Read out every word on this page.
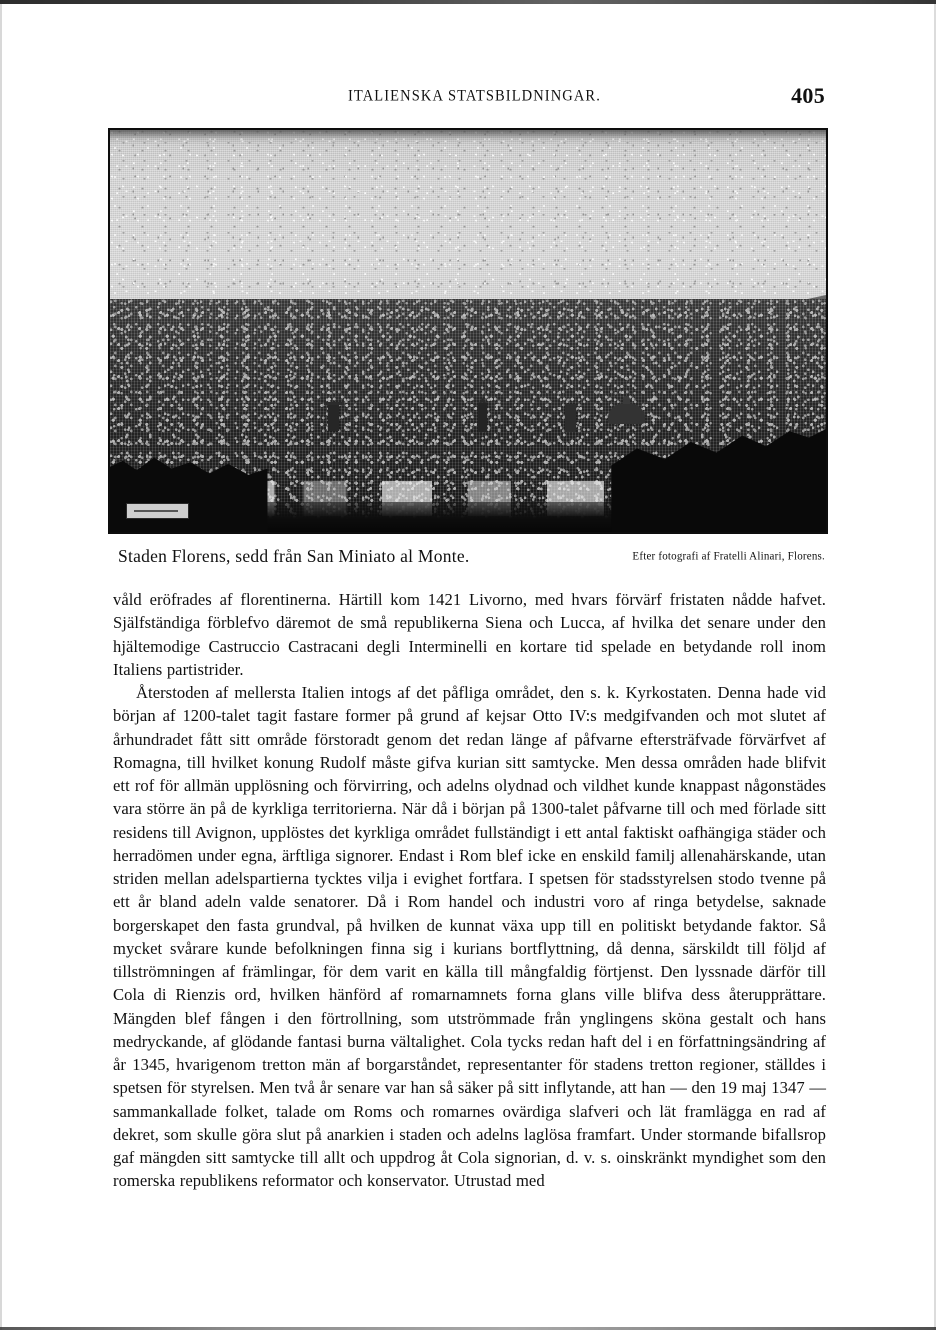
ITALIENSKA STATSBILDNINGAR.	405
Staden Florens, sedd från San Miniato al Monte.	Efter fotografi af Fratelli Alinari, Florens.

våld eröfrades af florentinerna. Härtill kom 1421 Livorno, med hvars förvärf fristaten nådde hafvet. Själfständiga förblefvo däremot de små republikerna Siena och Lucca, af hvilka det senare under den hjältemodige Castruccio Castracani degli Interminelli en kortare tid spelade en betydande roll inom Italiens partistrider.

Återstoden af mellersta Italien intogs af det påfliga området, den s. k. Kyrkostaten. Denna hade vid början af 1200-talet tagit fastare former på grund af kejsar Otto IV:s medgifvanden och mot slutet af århundradet fått sitt område förstoradt genom det redan länge af påfvarne eftersträfvade förvärfvet af Romagna, till hvilket konung Rudolf måste gifva kurian sitt samtycke. Men dessa områden hade blifvit ett rof för allmän upplösning och förvirring, och adelns olydnad och vildhet kunde knappast någonstädes vara större än på de kyrkliga territorierna. När då i början på 1300-talet påfvarne till och med förlade sitt residens till Avignon, upplöstes det kyrkliga området fullständigt i ett antal faktiskt oafhängiga städer och herradömen under egna, ärftliga signorer. Endast i Rom blef icke en enskild familj allenahärskande, utan striden mellan adelspartierna tycktes vilja i evighet fortfara. I spetsen för stadsstyrelsen stodo tvenne på ett år bland adeln valde senatorer. Då i Rom handel och industri voro af ringa betydelse, saknade borgerskapet den fasta grundval, på hvilken de kunnat växa upp till en politiskt betydande faktor. Så mycket svårare kunde befolkningen finna sig i kurians bortflyttning, då denna, särskildt till följd af tillströmningen af främlingar, för dem varit en källa till mångfaldig förtjenst. Den lyssnade därför till Cola di Rienzis ord, hvilken hänförd af romarnamnets forna glans ville blifva dess återupprättare. Mängden blef fången i den förtrollning, som utströmmade från ynglingens sköna gestalt och hans medryckande, af glödande fantasi burna vältalighet. Cola tycks redan haft del i en författningsändring af år 1345, hvarigenom tretton män af borgarståndet, representanter för stadens tretton regioner, ställdes i spetsen för styrelsen. Men två år senare var han så säker på sitt inflytande, att han — den 19 maj 1347 — sammankallade folket, talade om Roms och romarnes ovärdiga slafveri och lät framlägga en rad af dekret, som skulle göra slut på anarkien i staden och adelns laglösa framfart. Under stormande bifallsrop gaf mängden sitt samtycke till allt och uppdrog åt Cola signorian, d. v. s. oinskränkt myndighet som den romerska republikens reformator och konservator. Utrustad med
